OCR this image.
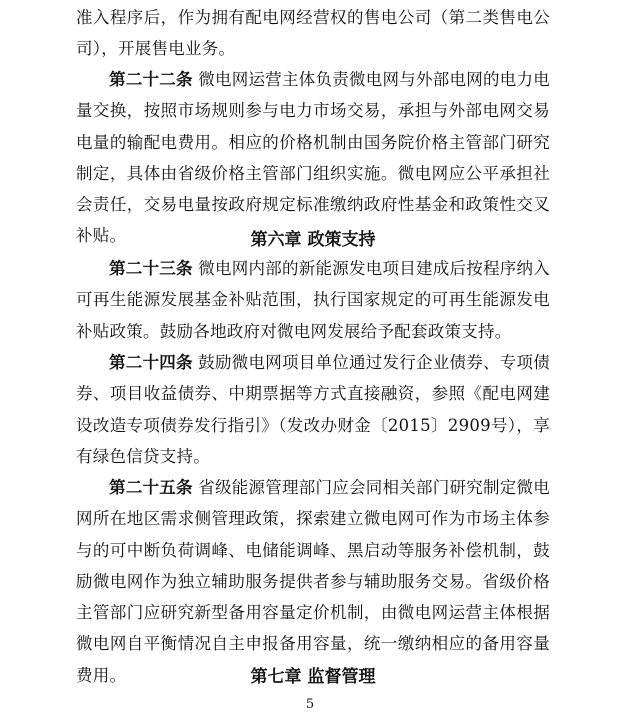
准入程序后，作为拥有配电网经营权的售电公司（第二类售电公司），开展售电业务。

第二十二条 微电网运营主体负责微电网与外部电网的电力电量交换，按照市场规则参与电力市场交易，承担与外部电网交易电量的输配电费用。相应的价格机制由国务院价格主管部门研究制定，具体由省级价格主管部门组织实施。微电网应公平承担社会责任，交易电量按政府规定标准缴纳政府性基金和政策性交叉补贴。	第六章 政策支持

第二十三条 微电网内部的新能源发电项目建成后按程序纳入可再生能源发展基金补贴范围，执行国家规定的可再生能源发电补贴政策。鼓励各地政府对微电网发展给予配套政策支持。

第二十四条 鼓励微电网项目单位通过发行企业债券、专项债券、项目收益债券、中期票据等方式直接融资，参照《配电网建设改造专项债券发行指引》（发改办财金〔2015〕2909号），享有绿色信贷支持。

第二十五条 省级能源管理部门应会同相关部门研究制定微电网所在地区需求侧管理政策，探索建立微电网可作为市场主体参与的可中断负荷调峰、电储能调峰、黑启动等服务补偿机制，鼓励微电网作为独立辅助服务提供者参与辅助服务交易。省级价格主管部门应研究新型备用容量定价机制，由微电网运营主体根据微电网自平衡情况自主申报备用容量，统一缴纳相应的备用容量费用。	第七章 监督管理

5
